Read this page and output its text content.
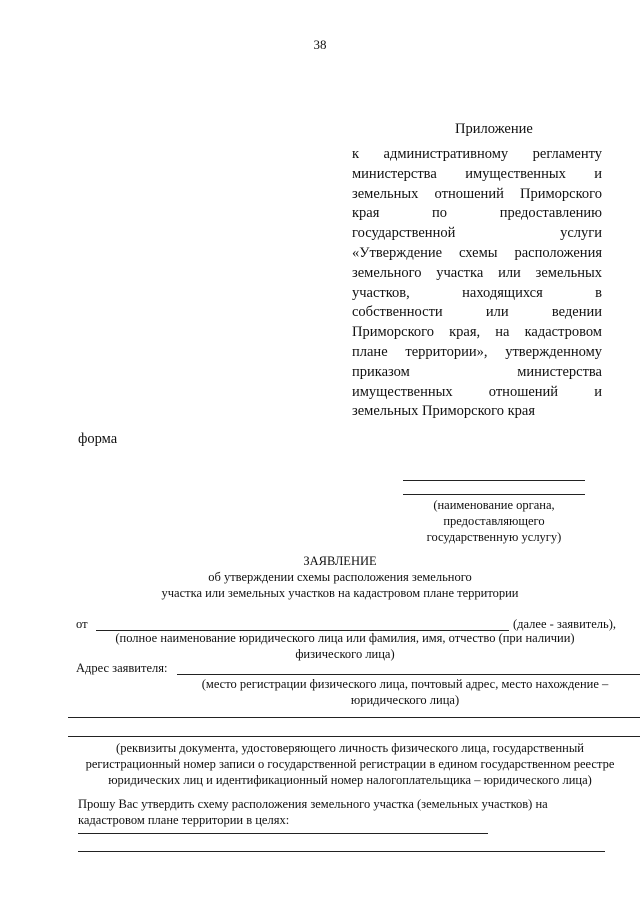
38
Приложение
к административному регламенту
министерства имущественных и
земельных отношений Приморского
края по предоставлению
государственной услуги
«Утверждение схемы расположения
земельного участка или земельных
участков, находящихся в
собственности или ведении
Приморского края, на кадастровом
плане территории», утвержденному
приказом министерства
имущественных отношений и
земельных Приморского края
форма
(наименование органа,
предоставляющего
государственную услугу)
ЗАЯВЛЕНИЕ
об утверждении схемы расположения земельного
участка или земельных участков на кадастровом плане территории
от	(далее - заявитель),
(полное наименование юридического лица или фамилия, имя, отчество (при наличии)
физического лица)
Адрес заявителя:
(место регистрации физического лица, почтовый адрес, место нахождение –
юридического лица)
(реквизиты документа, удостоверяющего личность физического лица, государственный
регистрационный номер записи о государственной регистрации в едином государственном реестре
юридических лиц и идентификационный номер налогоплательщика – юридического лица)
Прошу Вас утвердить схему расположения земельного участка (земельных участков) на
кадастровом плане территории в целях:
